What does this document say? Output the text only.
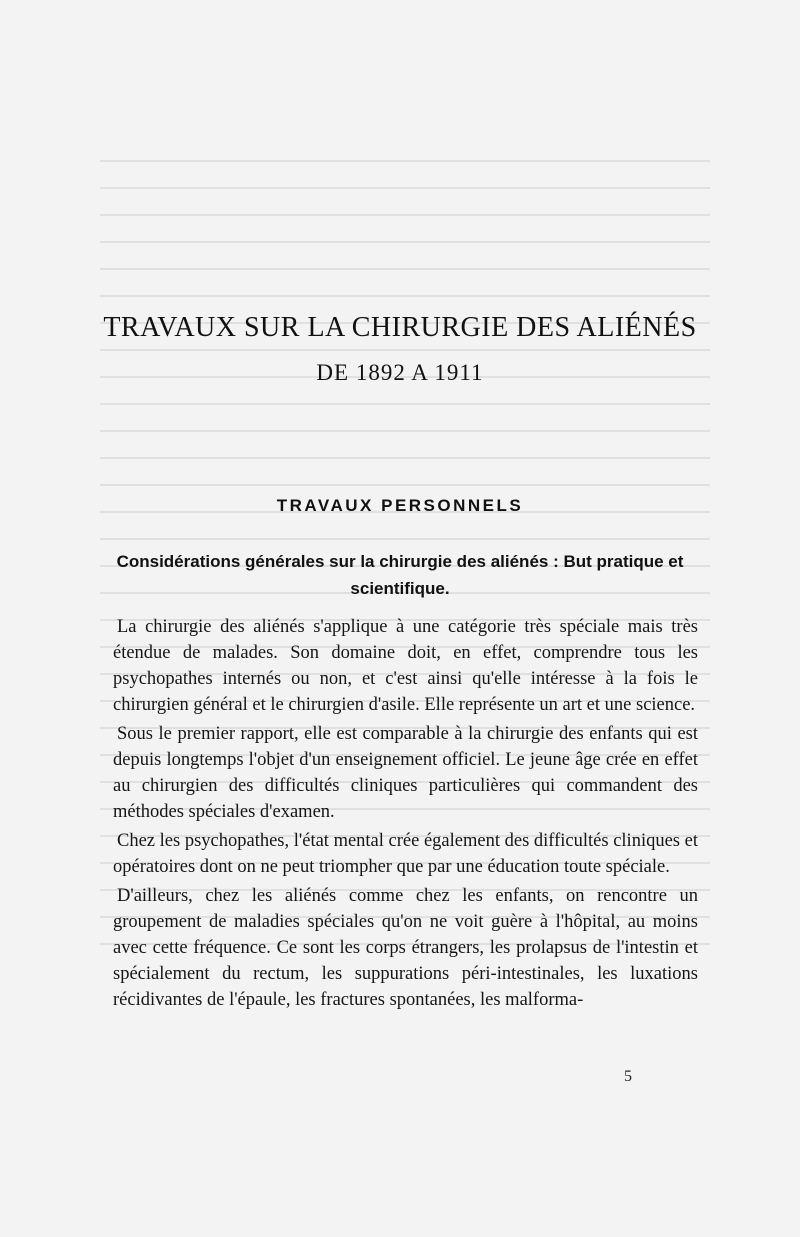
TRAVAUX SUR LA CHIRURGIE DES ALIÉNÉS
DE 1892 A 1911
TRAVAUX PERSONNELS
Considérations générales sur la chirurgie des aliénés : But pratique et scientifique.

La chirurgie des aliénés s'applique à une catégorie très spéciale mais très étendue de malades. Son domaine doit, en effet, comprendre tous les psychopathes internés ou non, et c'est ainsi qu'elle intéresse à la fois le chirurgien général et le chirurgien d'asile. Elle représente un art et une science.

Sous le premier rapport, elle est comparable à la chirurgie des enfants qui est depuis longtemps l'objet d'un enseignement officiel. Le jeune âge crée en effet au chirurgien des difficultés cliniques particulières qui commandent des méthodes spéciales d'examen.

Chez les psychopathes, l'état mental crée également des difficultés cliniques et opératoires dont on ne peut triompher que par une éducation toute spéciale.

D'ailleurs, chez les aliénés comme chez les enfants, on rencontre un groupement de maladies spéciales qu'on ne voit guère à l'hôpital, au moins avec cette fréquence. Ce sont les corps étrangers, les prolapsus de l'intestin et spécialement du rectum, les suppurations péri-intestinales, les luxations récidivantes de l'épaule, les fractures spontanées, les malforma-

5
